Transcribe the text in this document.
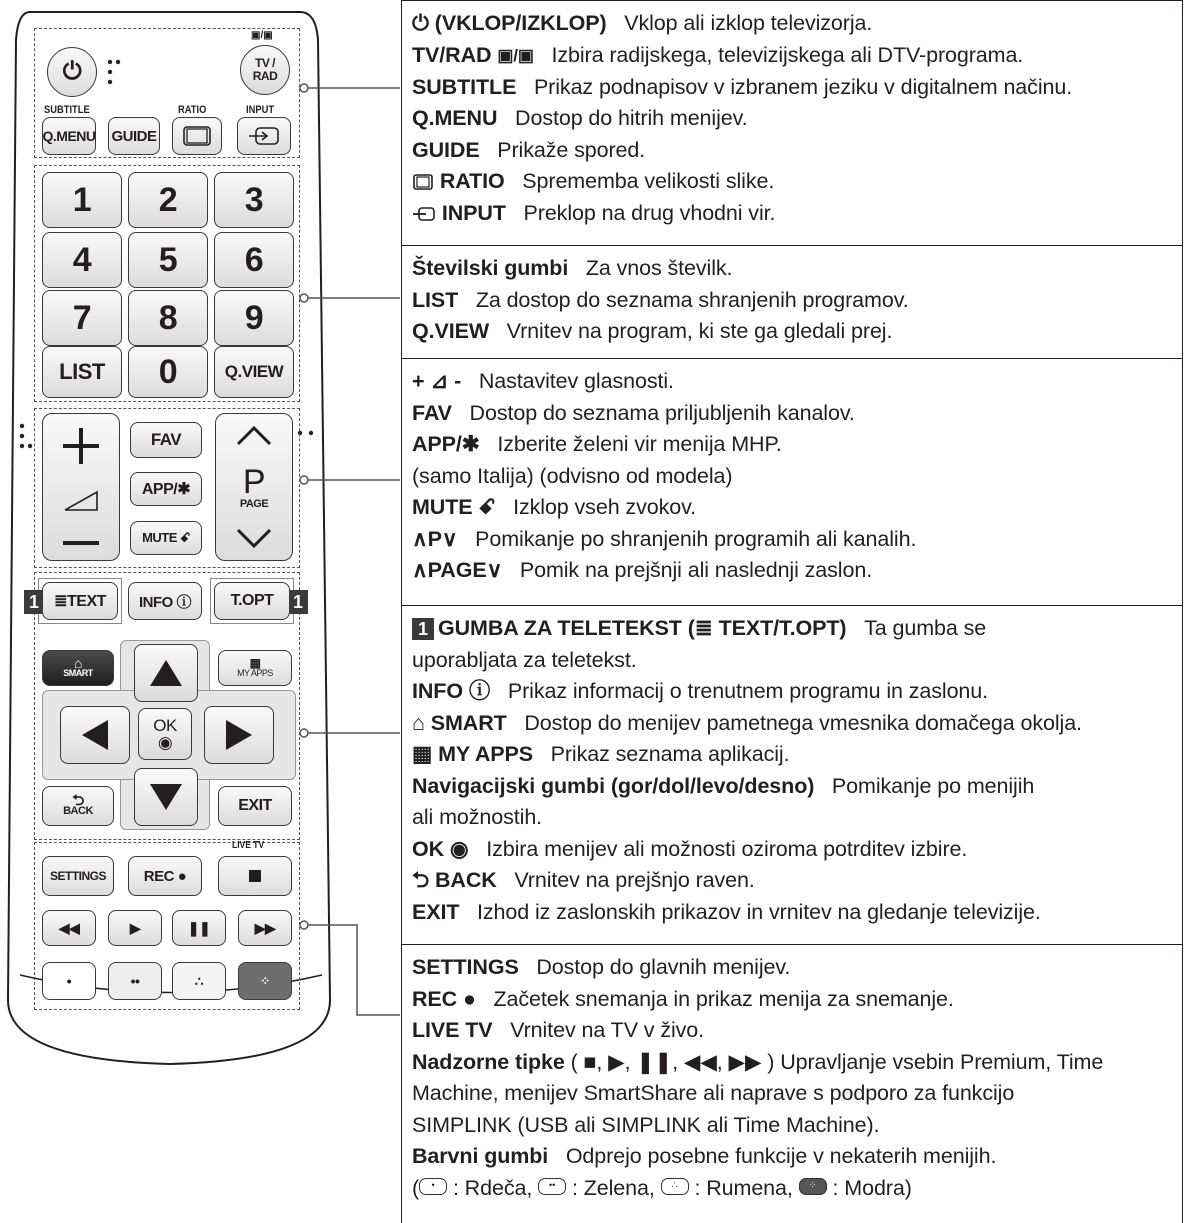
⏻
▣/▣
TV /
RAD
SUBTITLE	RATIO	INPUT
Q.MENU GUIDE
1	2	3
4	5	6
7	8	9
LIST	0	Q.VIEW
FAV
APP/✱
MUTE ꗃ
P
PAGE
1	1
≣TEXT	INFO ⓘ	T.OPT
⌂
SMART
▦
MY APPS
OK
◉
⮌
BACK	EXIT
LIVE TV
SETTINGS	REC ●
◀◀	▶	❚❚	▶▶
•	••	∴	⁘
⏻ (VKLOP/IZKLOP) Vklop ali izklop televizorja.
TV/RAD ▣/▣ Izbira radijskega, televizijskega ali DTV-programa.
SUBTITLE Prikaz podnapisov v izbranem jeziku v digitalnem načinu.
Q.MENU Dostop do hitrih menijev.
GUIDE Prikaže spored.
RATIO Sprememba velikosti slike.
INPUT Preklop na drug vhodni vir.
Številski gumbi Za vnos številk.
LIST Za dostop do seznama shranjenih programov.
Q.VIEW Vrnitev na program, ki ste ga gledali prej.
+ ⊿ - Nastavitev glasnosti.
FAV Dostop do seznama priljubljenih kanalov.
APP/✱ Izberite želeni vir menija MHP.
(samo Italija) (odvisno od modela)
MUTE ꗃ Izklop vseh zvokov.
∧P∨ Pomikanje po shranjenih programih ali kanalih.
∧PAGE∨ Pomik na prejšnji ali naslednji zaslon.
1 GUMBA ZA TELETEKST (≣ TEXT/T.OPT) Ta gumba se
uporabljata za teletekst.
INFO ⓘ Prikaz informacij o trenutnem programu in zaslonu.
⌂ SMART Dostop do menijev pametnega vmesnika domačega okolja.
▦ MY APPS Prikaz seznama aplikacij.
Navigacijski gumbi (gor/dol/levo/desno) Pomikanje po menijih
ali možnostih.
OK ◉ Izbira menijev ali možnosti oziroma potrditev izbire.
⮌ BACK Vrnitev na prejšnjo raven.
EXIT Izhod iz zaslonskih prikazov in vrnitev na gledanje televizije.
SETTINGS Dostop do glavnih menijev.
REC ● Začetek snemanja in prikaz menija za snemanje.
LIVE TV Vrnitev na TV v živo.
Nadzorne tipke ( ■, ▶, ❚❚, ◀◀, ▶▶ ) Upravljanje vsebin Premium, Time
Machine, menijev SmartShare ali naprave s podporo za funkcijo
SIMPLINK (USB ali SIMPLINK ali Time Machine).
Barvni gumbi Odprejo posebne funkcije v nekaterih menijih.
( • : Rdeča, •• : Zelena, ∴ : Rumena, ⁘ : Modra)
